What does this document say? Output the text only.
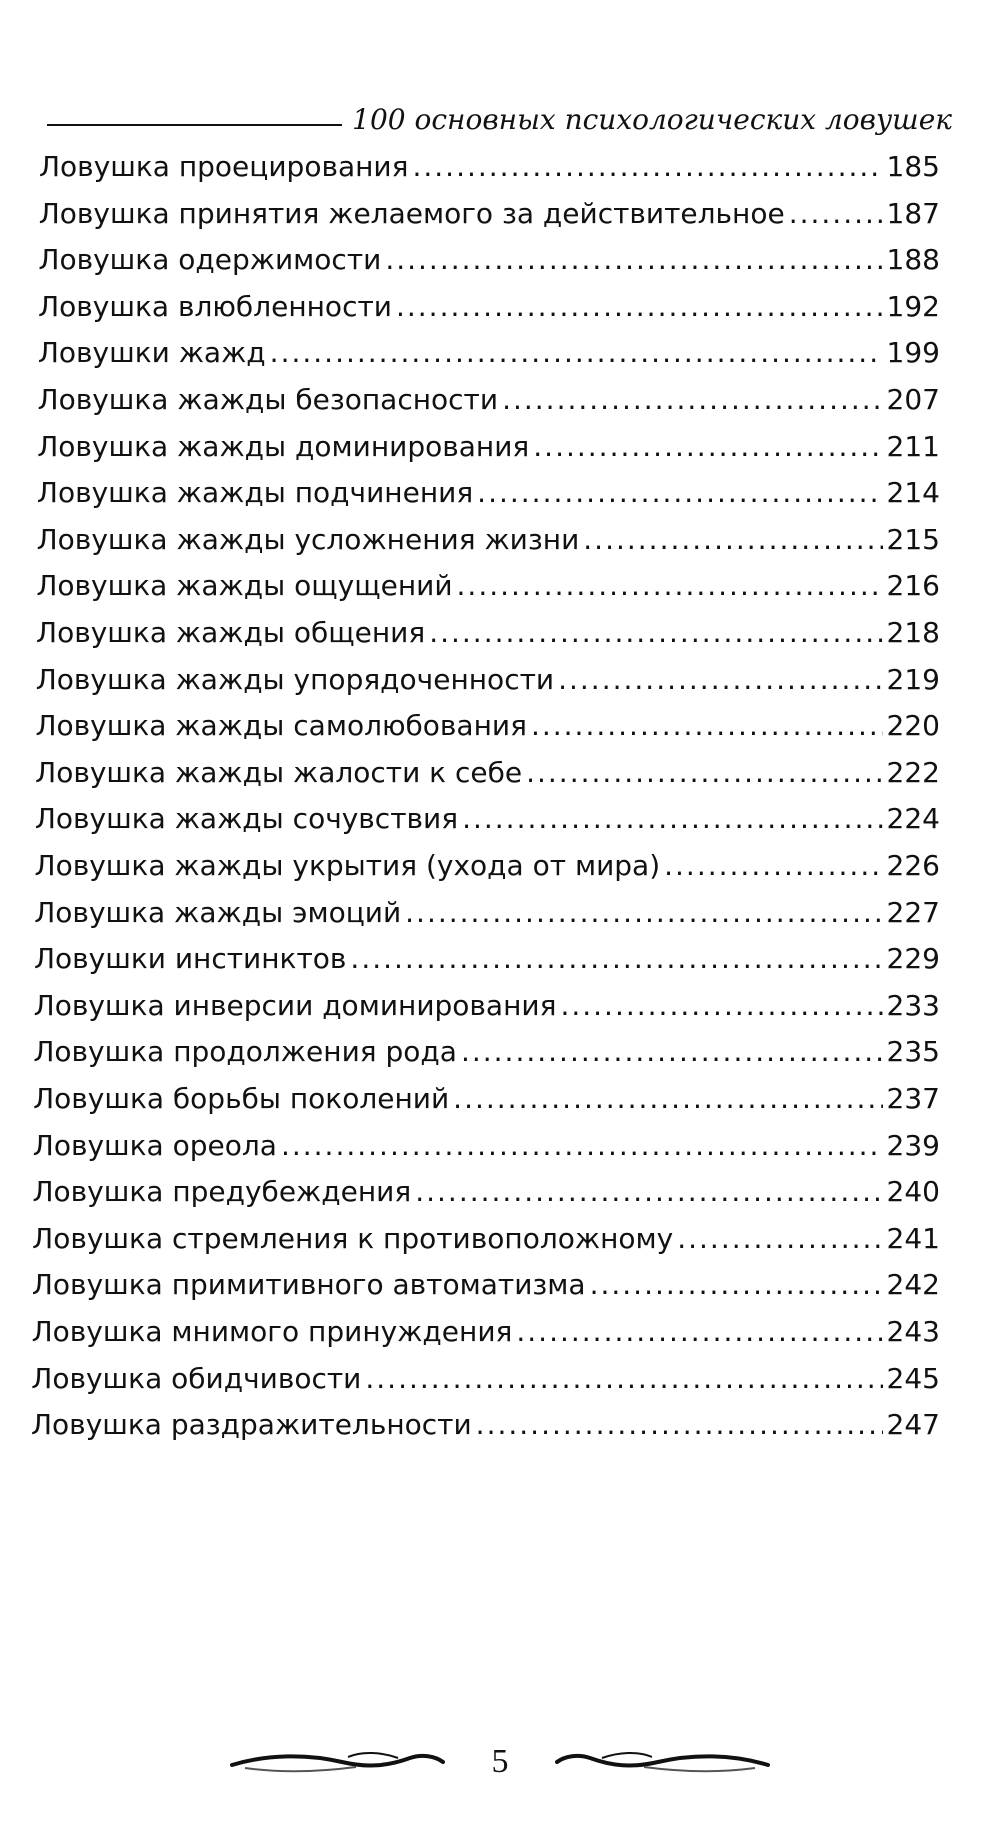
100 основных психологических ловушек
Ловушка проецирования .....	185
Ловушка принятия желаемого за действительное .....	187
Ловушка одержимости .....	188
Ловушка влюбленности .....	192
Ловушки жажд .....	199
Ловушка жажды безопасности .....	207
Ловушка жажды доминирования .....	211
Ловушка жажды подчинения .....	214
Ловушка жажды усложнения жизни .....	215
Ловушка жажды ощущений .....	216
Ловушка жажды общения .....	218
Ловушка жажды упорядоченности .....	219
Ловушка жажды самолюбования .....	220
Ловушка жажды жалости к себе .....	222
Ловушка жажды сочувствия .....	224
Ловушка жажды укрытия (ухода от мира) .....	226
Ловушка жажды эмоций .....	227
Ловушки инстинктов .....	229
Ловушка инверсии доминирования .....	233
Ловушка продолжения рода .....	235
Ловушка борьбы поколений .....	237
Ловушка ореола .....	239
Ловушка предубеждения .....	240
Ловушка стремления к противоположному .....	241
Ловушка примитивного автоматизма .....	242
Ловушка мнимого принуждения .....	243
Ловушка обидчивости .....	245
Ловушка раздражительности .....	247
5
